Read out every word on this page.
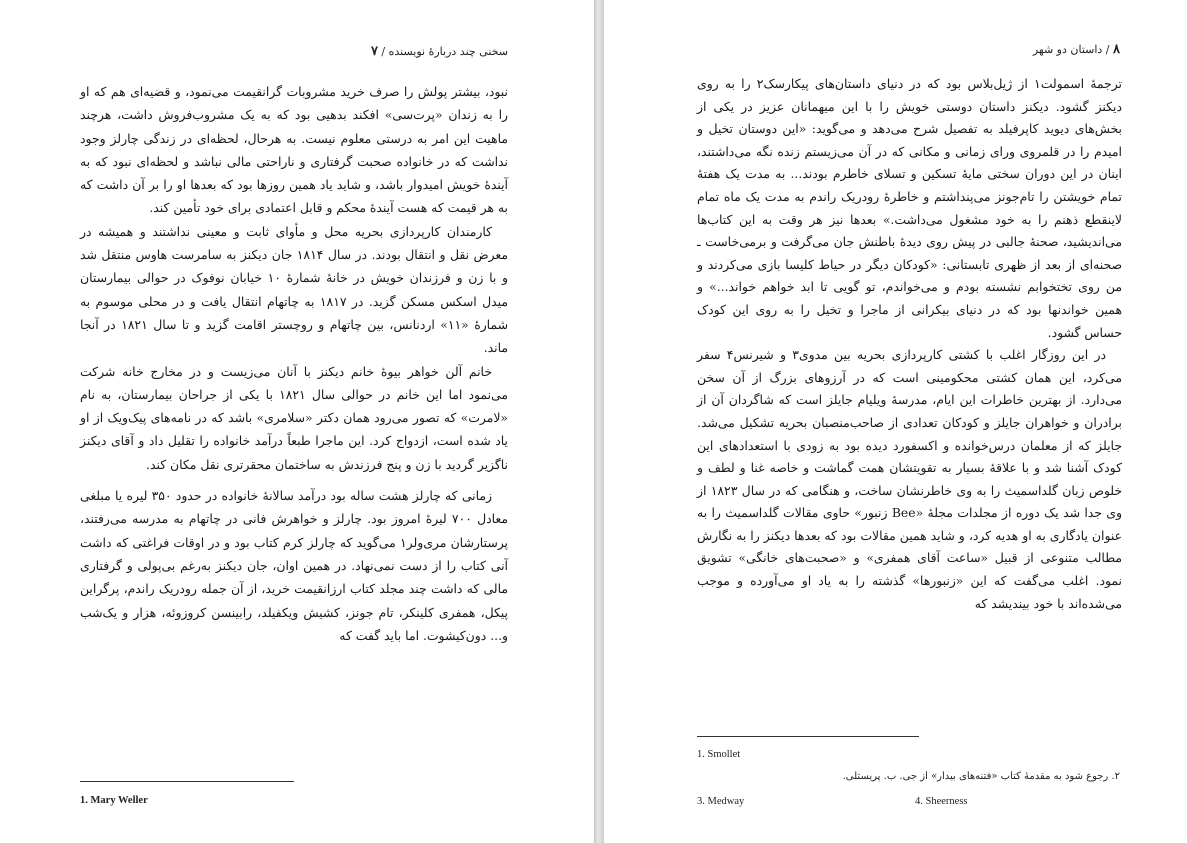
سخنی چند دربارهٔ نویسنده / ۷

نبود، بیشتر پولش را صرف خرید مشروبات گرانقیمت می‌نمود، و قضیه‌ای هم که او را به زندان «پرت‌سی» افکند بدهیی بود که به یک مشروب‌فروش داشت، هرچند ماهیت این امر به درستی معلوم نیست. به هرحال، لحظه‌ای در زندگی چارلز وجود نداشت که در خانواده صحبت گرفتاری و ناراحتی مالی نباشد و لحظه‌ای نبود که به آیندهٔ خویش امیدوار باشد، و شاید یاد همین روزها بود که بعدها او را بر آن داشت که به هر قیمت که هست آیندهٔ محکم و قابل اعتمادی برای خود تأمین کند.

کارمندان کارپردازی بحریه محل و مأوای ثابت و معینی نداشتند و همیشه در معرض نقل و انتقال بودند. در سال ۱۸۱۴ جان دیکنز به سامرست هاوس منتقل شد و با زن و فرزندان خویش در خانهٔ شمارهٔ ۱۰ خیابان نوفوک در حوالی بیمارستان میدل اسکس مسکن گزید. در ۱۸۱۷ به چاتهام انتقال یافت و در محلی موسوم به شمارهٔ «۱۱» اردنانس، بین چاتهام و روچستر اقامت گزید و تا سال ۱۸۲۱ در آنجا ماند.

خانم آلن خواهر بیوهٔ خانم دیکنز با آنان می‌زیست و در مخارج خانه شرکت می‌نمود اما این خانم در حوالی سال ۱۸۲۱ با یکی از جراحان بیمارستان، به نام «لامرت» که تصور می‌رود همان دکتر «سلامری» باشد که در نامه‌های پیک‌ویک از او یاد شده است، ازدواج کرد. این ماجرا طبعاً درآمد خانواده را تقلیل داد و آقای دیکنز ناگزیر گردید با زن و پنج فرزندش به ساختمان محقرتری نقل مکان کند.

زمانی که چارلز هشت ساله بود درآمد سالانهٔ خانواده در حدود ۳۵۰ لیره یا مبلغی معادل ۷۰۰ لیرهٔ امروز بود. چارلز و خواهرش فانی در چاتهام به مدرسه می‌رفتند، پرستارشان مری‌ولر۱ می‌گوید که چارلز کرم کتاب بود و در اوقات فراغتی که داشت آنی کتاب را از دست نمی‌نهاد. در همین اوان، جان دیکنز به‌رغم بی‌پولی و گرفتاری مالی که داشت چند مجلد کتاب ارزانقیمت خرید، از آن جمله رودریک راندم، پرگراین پیکل، همفری کلینکر، تام جونز، کشیش ویکفیلد، رابینسن کروزوئه، هزار و یک‌شب و... دون‌کیشوت. اما باید گفت که

1. Mary Weller
۸ / داستان دو شهر

ترجمهٔ اسمولت۱ از ژیل‌بلاس بود که در دنیای داستان‌های پیکارسک۲ را به روی دیکنز گشود. دیکنز داستان دوستی خویش را با این میهمانان عزیز در یکی از بخش‌های دیوید کاپرفیلد به تفصیل شرح می‌دهد و می‌گوید: «این دوستان تخیل و امیدم را در قلمروی ورای زمانی و مکانی که در آن می‌زیستم زنده نگه می‌داشتند، اینان در این دوران سختی مایهٔ تسکین و تسلای خاطرم بودند... به مدت یک هفتهٔ تمام خویشتن را تام‌جونز می‌پنداشتم و خاطرهٔ رودریک راندم به مدت یک ماه تمام لاینقطع ذهنم را به خود مشغول می‌داشت.» بعدها نیز هر وقت به این کتاب‌ها می‌اندیشید، صحنهٔ جالبی در پیش روی دیدهٔ باطنش جان می‌گرفت و برمی‌خاست ـ صحنه‌ای از بعد از ظهری تابستانی: «کودکان دیگر در حیاط کلیسا بازی می‌کردند و من روی تختخوابم نشسته بودم و می‌خواندم، تو گویی تا ابد خواهم خواند...» و همین خواندنها بود که در دنیای بیکرانی از ماجرا و تخیل را به روی این کودک حساس گشود.

در این روزگار اغلب با کشتی کارپردازی بحریه بین مدوی۳ و شیرنس۴ سفر می‌کرد، این همان کشتی محکومینی است که در آرزوهای بزرگ از آن سخن می‌دارد. از بهترین خاطرات این ایام، مدرسهٔ ویلیام جایلز است که شاگردان آن از برادران و خواهران جایلز و کودکان تعدادی از صاحب‌منصبان بحریه تشکیل می‌شد. جایلز که از معلمان درس‌خوانده و اکسفورد دیده بود به زودی با استعدادهای این کودک آشنا شد و با علاقهٔ بسیار به تقویتشان همت گماشت و خاصه غنا و لطف و خلوص زبان گلداسمیث را به وی خاطرنشان ساخت، و هنگامی که در سال ۱۸۲۳ از وی جدا شد یک دوره از مجلدات مجلهٔ «Bee زنبور» حاوی مقالات گلداسمیث را به عنوان یادگاری به او هدیه کرد، و شاید همین مقالات بود که بعدها دیکنز را به نگارش مطالب متنوعی از قبیل «ساعت آقای همفری» و «صحبت‌های خانگی» تشویق نمود. اغلب می‌گفت که این «زنبورها» گذشته را به یاد او می‌آورده و موجب می‌شده‌اند با خود بیندیشد که

1. Smollet
۲. رجوع شود به مقدمهٔ کتاب «فتنه‌های بیدار» از جی. ب. پریستلی.
3. Medway	4. Sheerness
